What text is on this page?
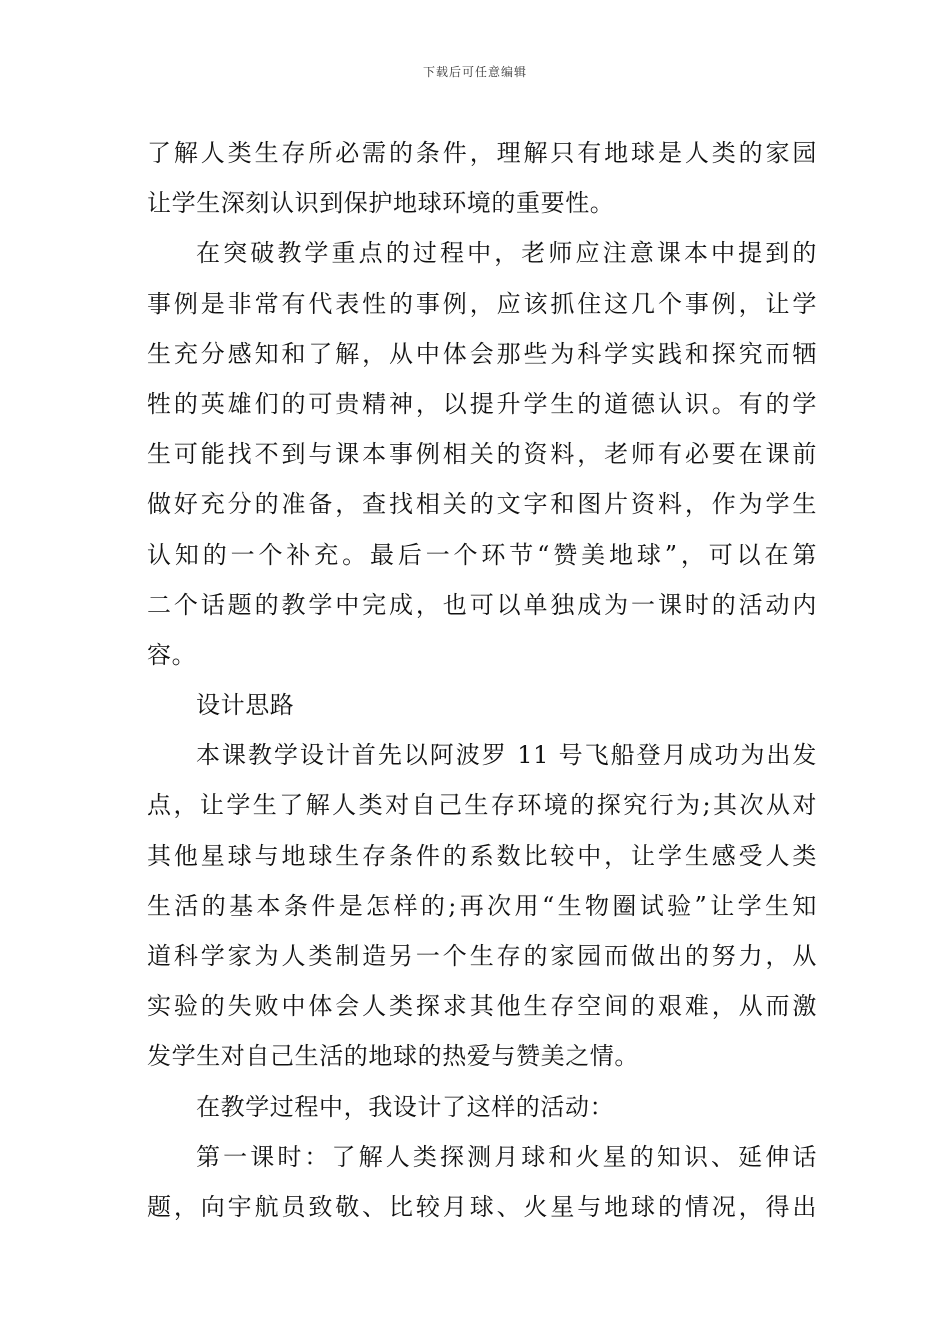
下载后可任意编辑
了解人类生存所必需的条件，理解只有地球是人类的家园
让学生深刻认识到保护地球环境的重要性。
在突破教学重点的过程中，老师应注意课本中提到的
事例是非常有代表性的事例，应该抓住这几个事例，让学
生充分感知和了解，从中体会那些为科学实践和探究而牺
牲的英雄们的可贵精神，以提升学生的道德认识。有的学
生可能找不到与课本事例相关的资料，老师有必要在课前
做好充分的准备，查找相关的文字和图片资料，作为学生
认知的一个补充。最后一个环节“赞美地球”，可以在第
二个话题的教学中完成，也可以单独成为一课时的活动内
容。
设计思路
本课教学设计首先以阿波罗 11 号飞船登月成功为出发
点，让学生了解人类对自己生存环境的探究行为;其次从对
其他星球与地球生存条件的系数比较中，让学生感受人类
生活的基本条件是怎样的;再次用“生物圈试验”让学生知
道科学家为人类制造另一个生存的家园而做出的努力，从
实验的失败中体会人类探求其他生存空间的艰难，从而激
发学生对自己生活的地球的热爱与赞美之情。
在教学过程中，我设计了这样的活动：
第一课时：了解人类探测月球和火星的知识、延伸话
题，向宇航员致敬、比较月球、火星与地球的情况，得出
